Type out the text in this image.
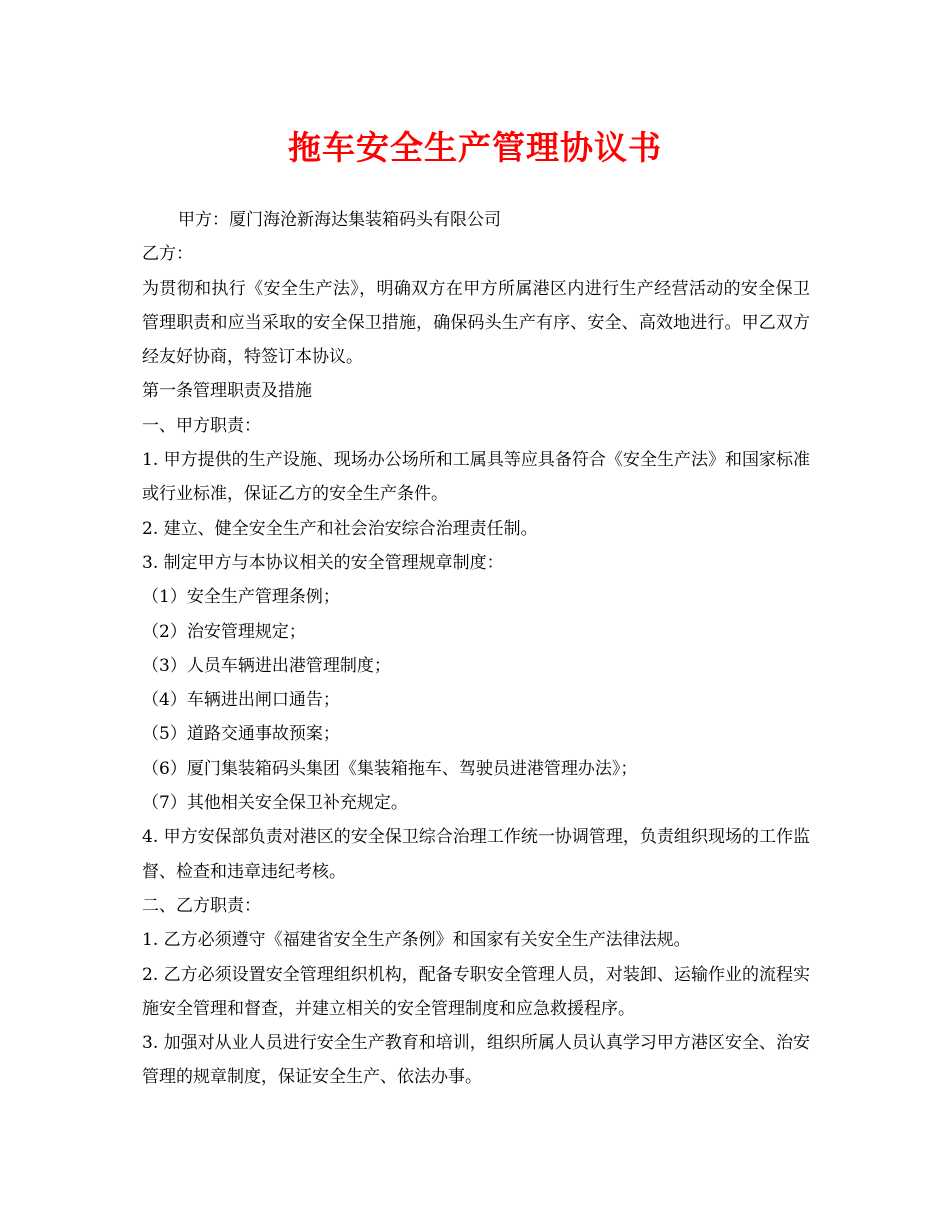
拖车安全生产管理协议书

甲方：厦门海沧新海达集装箱码头有限公司

乙方：

为贯彻和执行《安全生产法》，明确双方在甲方所属港区内进行生产经营活动的安全保卫管理职责和应当采取的安全保卫措施，确保码头生产有序、安全、高效地进行。甲乙双方经友好协商，特签订本协议。

第一条管理职责及措施

一、甲方职责：

1. 甲方提供的生产设施、现场办公场所和工属具等应具备符合《安全生产法》和国家标准或行业标准，保证乙方的安全生产条件。

2. 建立、健全安全生产和社会治安综合治理责任制。

3. 制定甲方与本协议相关的安全管理规章制度：

（1）安全生产管理条例；

（2）治安管理规定；

（3）人员车辆进出港管理制度；

（4）车辆进出闸口通告；

（5）道路交通事故预案；

（6）厦门集装箱码头集团《集装箱拖车、驾驶员进港管理办法》；

（7）其他相关安全保卫补充规定。

4. 甲方安保部负责对港区的安全保卫综合治理工作统一协调管理，负责组织现场的工作监督、检查和违章违纪考核。

二、乙方职责：

1. 乙方必须遵守《福建省安全生产条例》和国家有关安全生产法律法规。

2. 乙方必须设置安全管理组织机构，配备专职安全管理人员，对装卸、运输作业的流程实施安全管理和督查，并建立相关的安全管理制度和应急救援程序。

3. 加强对从业人员进行安全生产教育和培训，组织所属人员认真学习甲方港区安全、治安管理的规章制度，保证安全生产、依法办事。
